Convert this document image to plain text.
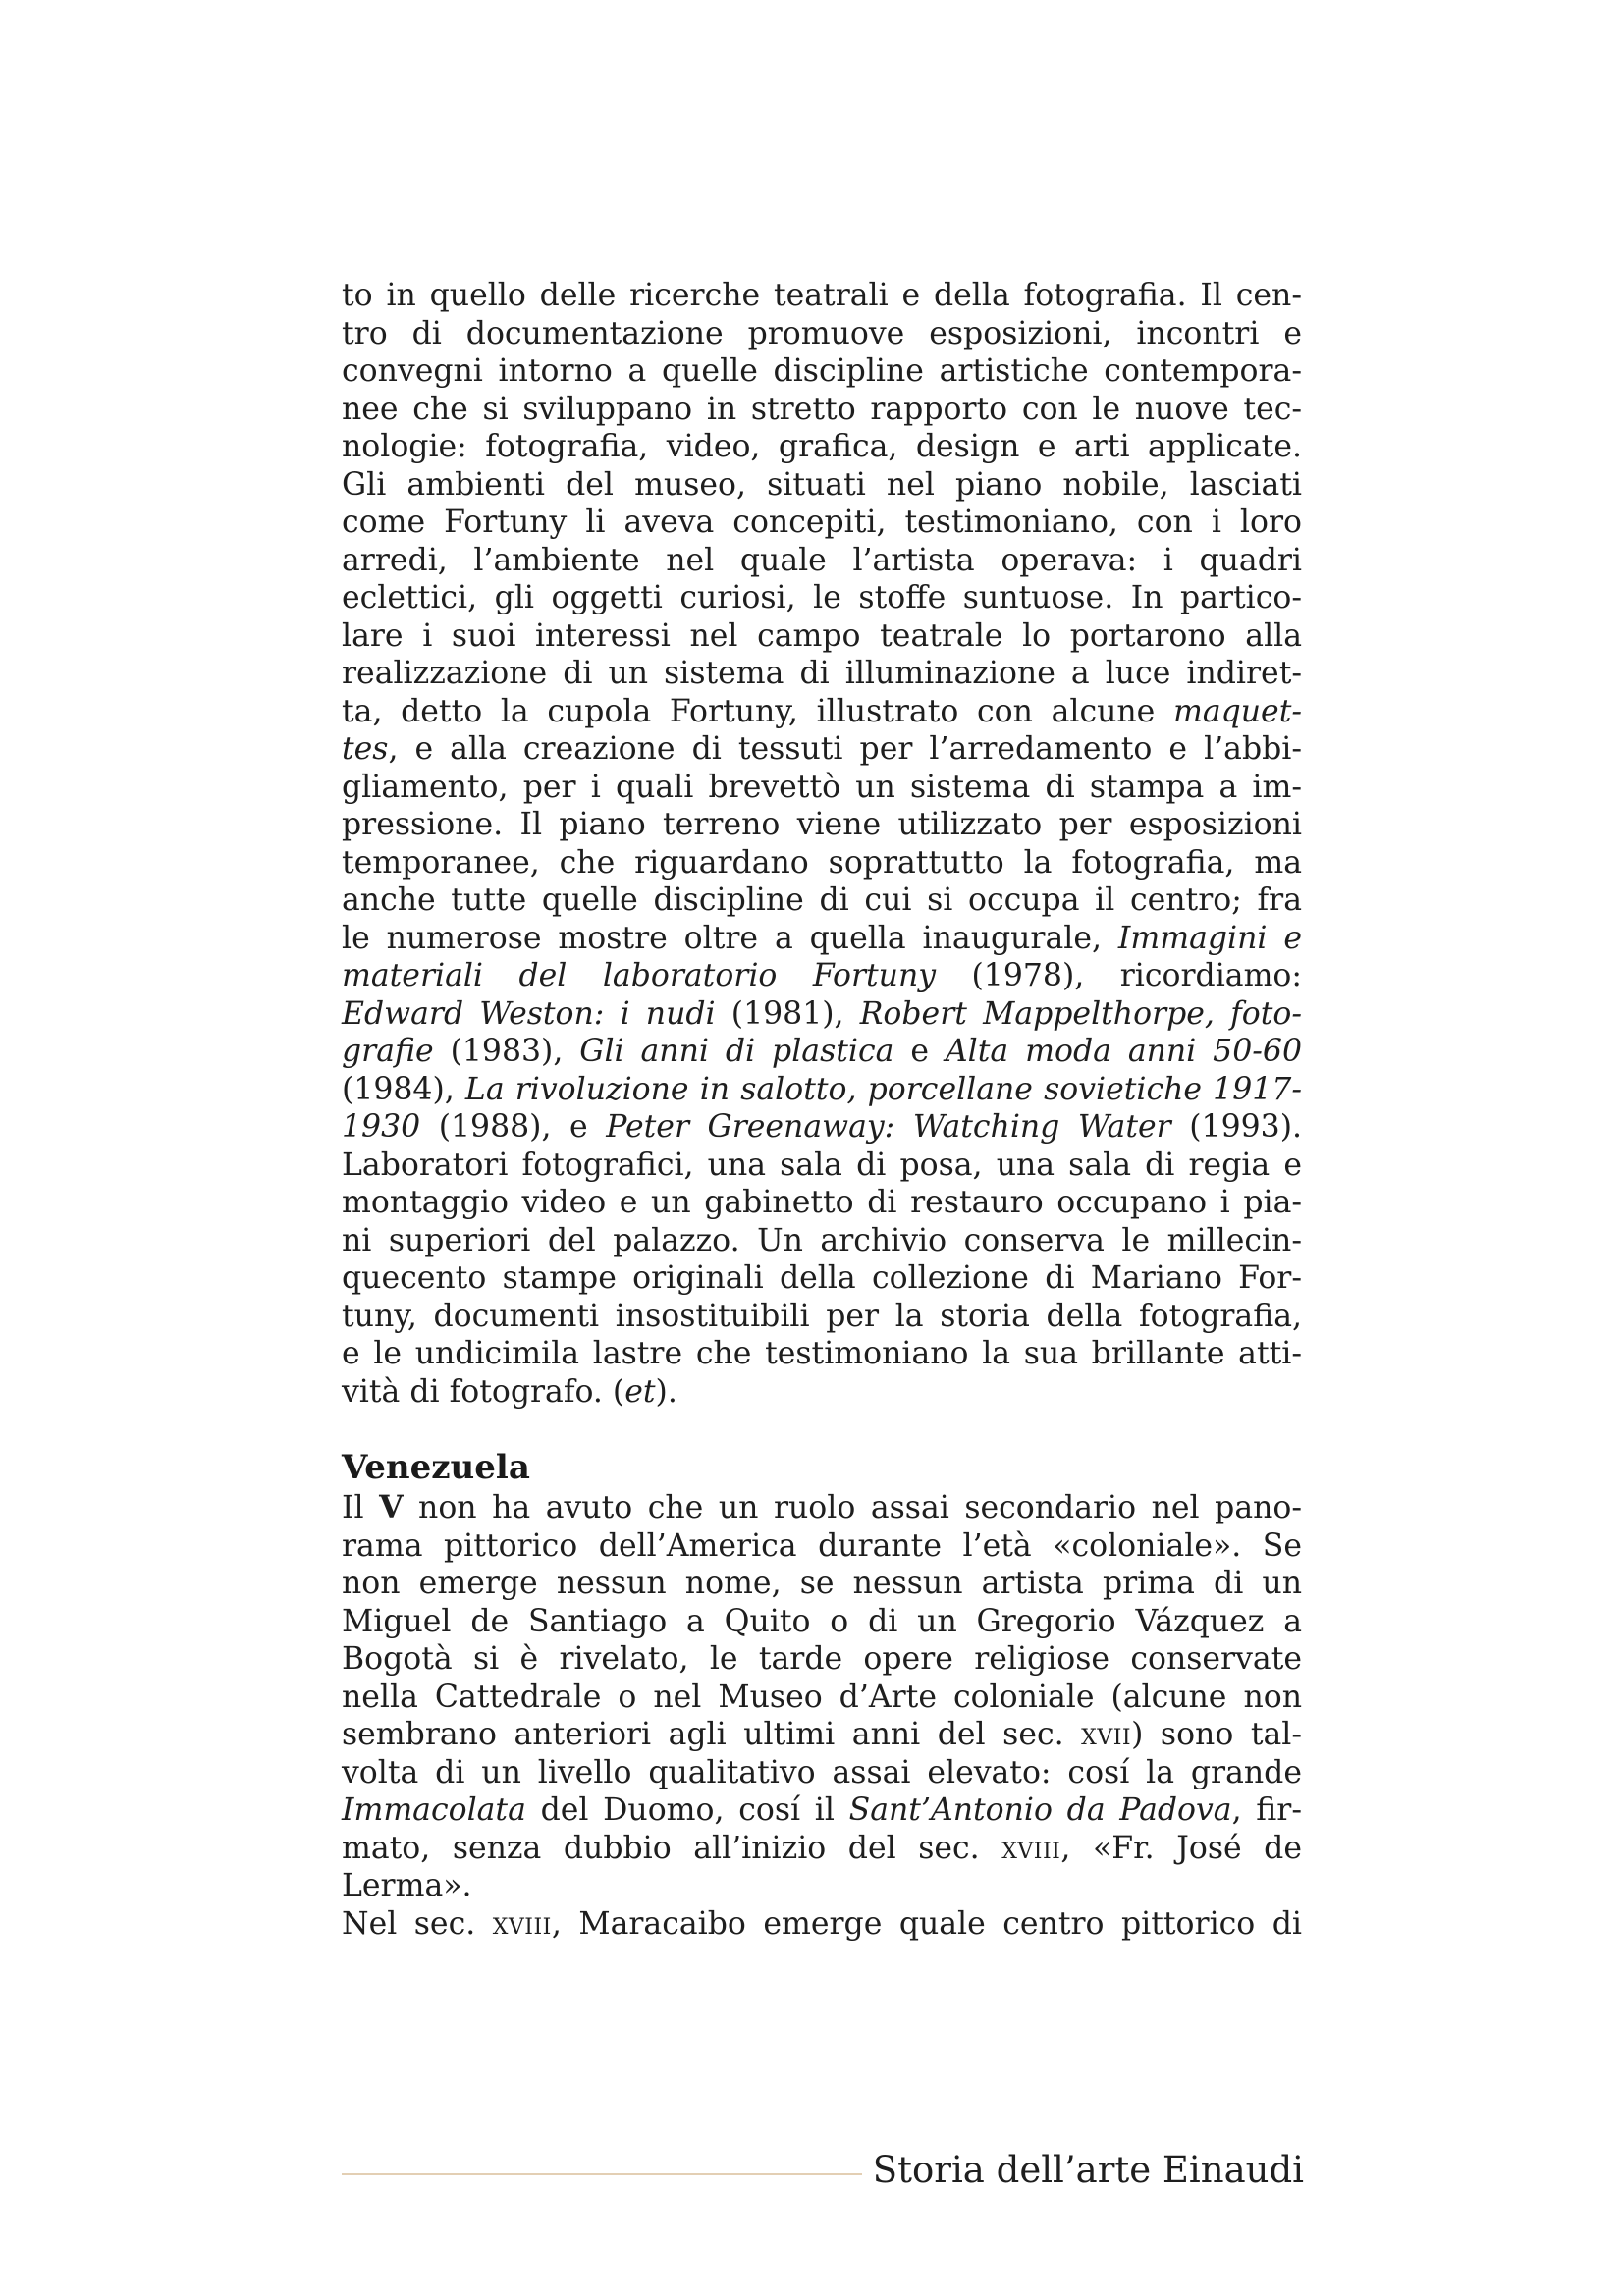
to in quello delle ricerche teatrali e della fotografia. Il cen-
tro di documentazione promuove esposizioni, incontri e
convegni intorno a quelle discipline artistiche contempora-
nee che si sviluppano in stretto rapporto con le nuove tec-
nologie: fotografia, video, grafica, design e arti applicate.
Gli ambienti del museo, situati nel piano nobile, lasciati
come Fortuny li aveva concepiti, testimoniano, con i loro
arredi, l’ambiente nel quale l’artista operava: i quadri
eclettici, gli oggetti curiosi, le stoffe suntuose. In partico-
lare i suoi interessi nel campo teatrale lo portarono alla
realizzazione di un sistema di illuminazione a luce indiret-
ta, detto la cupola Fortuny, illustrato con alcune maquet-
tes, e alla creazione di tessuti per l’arredamento e l’abbi-
gliamento, per i quali brevettò un sistema di stampa a im-
pressione. Il piano terreno viene utilizzato per esposizioni
temporanee, che riguardano soprattutto la fotografia, ma
anche tutte quelle discipline di cui si occupa il centro; fra
le numerose mostre oltre a quella inaugurale, Immagini e
materiali del laboratorio Fortuny (1978), ricordiamo:
Edward Weston: i nudi (1981), Robert Mappelthorpe, foto-
grafie (1983), Gli anni di plastica e Alta moda anni 50-60
(1984), La rivoluzione in salotto, porcellane sovietiche 1917-
1930 (1988), e Peter Greenaway: Watching Water (1993).
Laboratori fotografici, una sala di posa, una sala di regia e
montaggio video e un gabinetto di restauro occupano i pia-
ni superiori del palazzo. Un archivio conserva le millecin-
quecento stampe originali della collezione di Mariano For-
tuny, documenti insostituibili per la storia della fotografia,
e le undicimila lastre che testimoniano la sua brillante atti-
vità di fotografo. (et).
Venezuela
Il V non ha avuto che un ruolo assai secondario nel pano-
rama pittorico dell’America durante l’età «coloniale». Se
non emerge nessun nome, se nessun artista prima di un
Miguel de Santiago a Quito o di un Gregorio Vázquez a
Bogotà si è rivelato, le tarde opere religiose conservate
nella Cattedrale o nel Museo d’Arte coloniale (alcune non
sembrano anteriori agli ultimi anni del sec. xvii) sono tal-
volta di un livello qualitativo assai elevato: cosí la grande
Immacolata del Duomo, cosí il Sant’Antonio da Padova, fir-
mato, senza dubbio all’inizio del sec. xviii, «Fr. José de
Lerma».
Nel sec. xviii, Maracaibo emerge quale centro pittorico di
Storia dell’arte Einaudi
